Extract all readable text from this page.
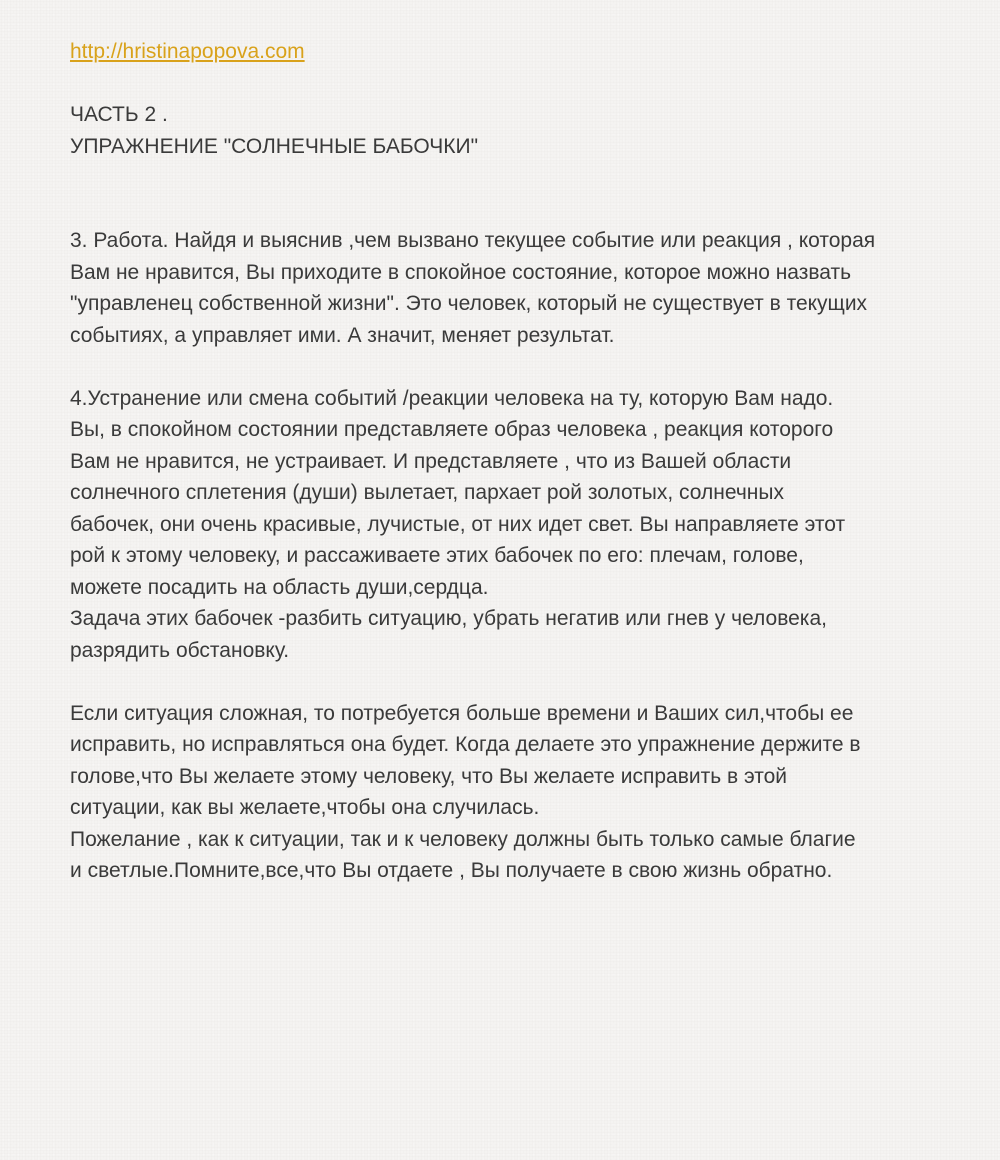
http://hristinapopova.com
ЧАСТЬ 2 .
УПРАЖНЕНИЕ "СОЛНЕЧНЫЕ БАБОЧКИ"
3. Работа. Найдя и выяснив ,чем вызвано текущее событие или реакция , которая
Вам не нравится, Вы приходите в спокойное состояние, которое можно назвать
"управленец собственной жизни". Это человек, который не существует в текущих
событиях, а управляет ими. А значит, меняет результат.
4.Устранение или смена событий /реакции человека на ту, которую Вам надо.
Вы, в спокойном состоянии представляете образ человека , реакция которого
Вам не нравится, не устраивает. И представляете , что из Вашей области
солнечного сплетения (души) вылетает, пархает рой золотых, солнечных
бабочек, они очень красивые, лучистые, от них идет свет. Вы направляете этот
рой к этому человеку, и рассаживаете этих бабочек по его: плечам, голове,
можете посадить на область души,сердца.
Задача этих бабочек -разбить ситуацию, убрать негатив или гнев у человека,
разрядить обстановку.
Если ситуация сложная, то потребуется больше времени и Ваших сил,чтобы ее
исправить, но исправляться она будет. Когда делаете это упражнение держите в
голове,что Вы желаете этому человеку, что Вы желаете исправить в этой
ситуации, как вы желаете,чтобы она случилась.
Пожелание , как к ситуации, так и к человеку должны быть только самые благие
и светлые.Помните,все,что Вы отдаете , Вы получаете в свою жизнь обратно.
